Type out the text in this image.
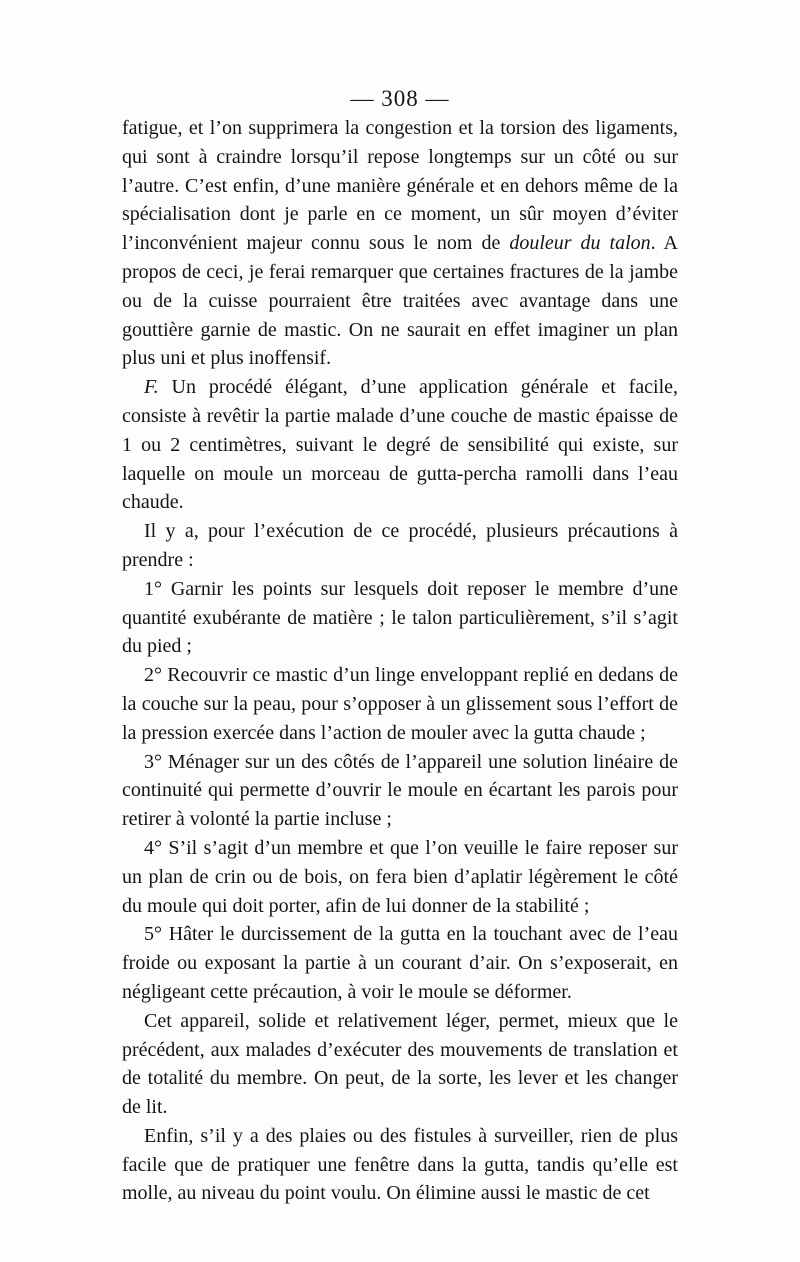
— 308 —

fatigue, et l’on supprimera la congestion et la torsion des ligaments, qui sont à craindre lorsqu’il repose longtemps sur un côté ou sur l’autre. C’est enfin, d’une manière générale et en dehors même de la spécialisation dont je parle en ce moment, un sûr moyen d’éviter l’inconvénient majeur connu sous le nom de douleur du talon. A propos de ceci, je ferai remarquer que certaines fractures de la jambe ou de la cuisse pourraient être traitées avec avantage dans une gouttière garnie de mastic. On ne saurait en effet imaginer un plan plus uni et plus inoffensif.

F. Un procédé élégant, d’une application générale et facile, consiste à revêtir la partie malade d’une couche de mastic épaisse de 1 ou 2 centimètres, suivant le degré de sensibilité qui existe, sur laquelle on moule un morceau de gutta-percha ramolli dans l’eau chaude.

Il y a, pour l’exécution de ce procédé, plusieurs précautions à prendre :

1° Garnir les points sur lesquels doit reposer le membre d’une quantité exubérante de matière ; le talon particulièrement, s’il s’agit du pied ;

2° Recouvrir ce mastic d’un linge enveloppant replié en dedans de la couche sur la peau, pour s’opposer à un glissement sous l’effort de la pression exercée dans l’action de mouler avec la gutta chaude ;

3° Ménager sur un des côtés de l’appareil une solution linéaire de continuité qui permette d’ouvrir le moule en écartant les parois pour retirer à volonté la partie incluse ;

4° S’il s’agit d’un membre et que l’on veuille le faire reposer sur un plan de crin ou de bois, on fera bien d’aplatir légèrement le côté du moule qui doit porter, afin de lui donner de la stabilité ;

5° Hâter le durcissement de la gutta en la touchant avec de l’eau froide ou exposant la partie à un courant d’air. On s’exposerait, en négligeant cette précaution, à voir le moule se déformer.

Cet appareil, solide et relativement léger, permet, mieux que le précédent, aux malades d’exécuter des mouvements de translation et de totalité du membre. On peut, de la sorte, les lever et les changer de lit.

Enfin, s’il y a des plaies ou des fistules à surveiller, rien de plus facile que de pratiquer une fenêtre dans la gutta, tandis qu’elle est molle, au niveau du point voulu. On élimine aussi le mastic de cet
